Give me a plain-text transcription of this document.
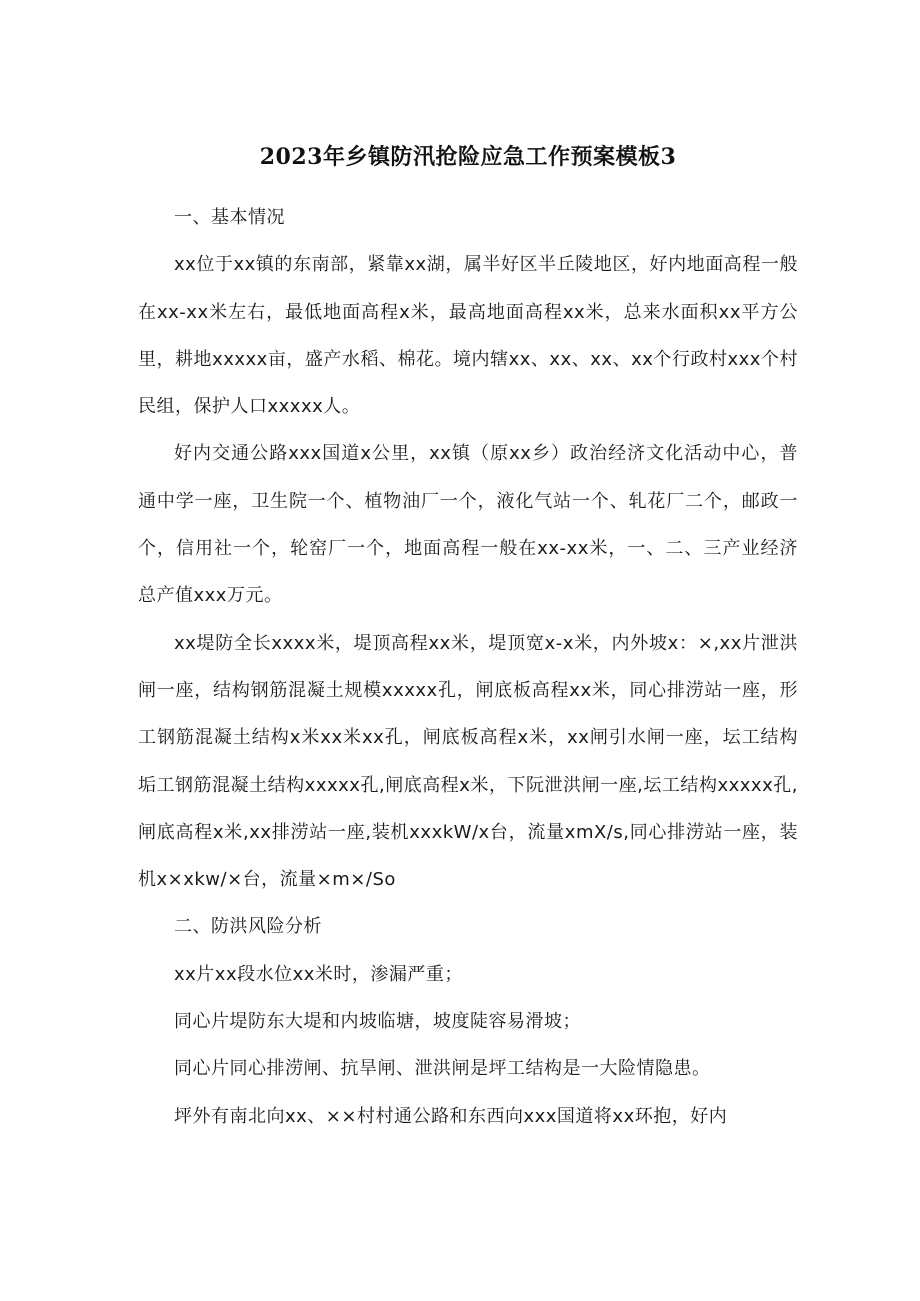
2023年乡镇防汛抢险应急工作预案模板3

一、基本情况

xx位于xx镇的东南部，紧靠xx湖，属半好区半丘陵地区，好内地面高程一般在xx-xx米左右，最低地面高程x米，最高地面高程xx米，总来水面积xx平方公里，耕地xxxxx亩，盛产水稻、棉花。境内辖xx、xx、xx、xx个行政村xxx个村民组，保护人口xxxxx人。

好内交通公路xxx国道x公里，xx镇（原xx乡）政治经济文化活动中心，普通中学一座，卫生院一个、植物油厂一个，液化气站一个、轧花厂二个，邮政一个，信用社一个，轮窑厂一个，地面高程一般在xx-xx米，一、二、三产业经济总产值xxx万元。

xx堤防全长xxxx米，堤顶高程xx米，堤顶宽x-x米，内外坡x：×,xx片泄洪闸一座，结构钢筋混凝土规模xxxxx孔，闸底板高程xx米，同心排涝站一座，形工钢筋混凝土结构x米xx米xx孔，闸底板高程x米，xx闸引水闸一座，坛工结构垢工钢筋混凝土结构xxxxx孔,闸底高程x米，下阮泄洪闸一座,坛工结构xxxxx孔,闸底高程x米,xx排涝站一座,装机xxxkW∕x台，流量xmX∕s,同心排涝站一座，装机x×xkw∕×台，流量×m×∕So

二、防洪风险分析

xx片xx段水位xx米时，渗漏严重；

同心片堤防东大堤和内坡临塘，坡度陡容易滑坡；

同心片同心排涝闸、抗旱闸、泄洪闸是坪工结构是一大险情隐患。

坪外有南北向xx、××村村通公路和东西向xxx国道将xx环抱，好内
